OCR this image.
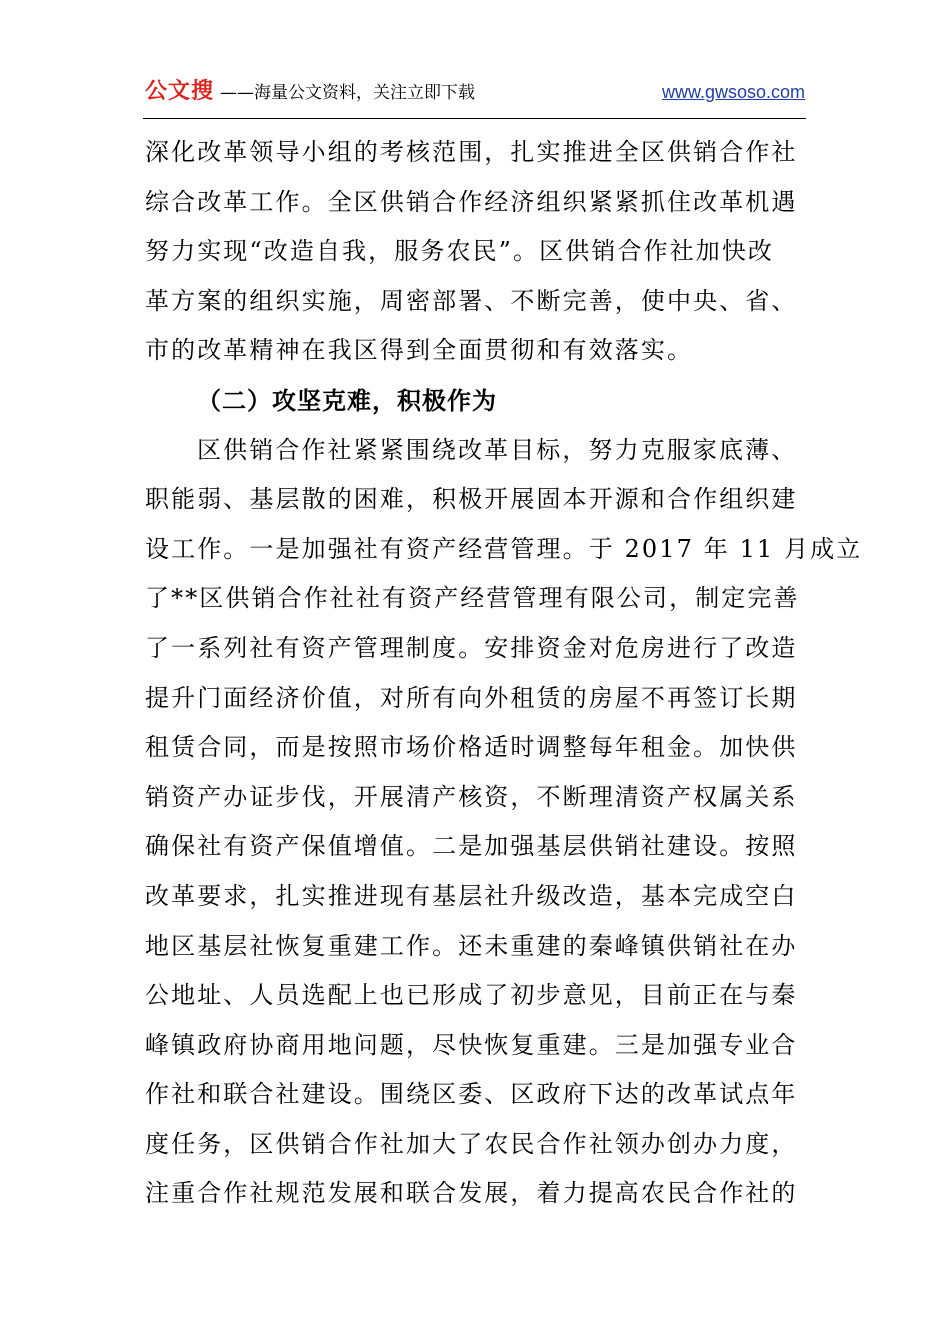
公文搜 ——海量公文资料，关注立即下载	www.gwsoso.com
深化改革领导小组的考核范围，扎实推进全区供销合作社
综合改革工作。全区供销合作经济组织紧紧抓住改革机遇
努力实现“改造自我，服务农民”。区供销合作社加快改
革方案的组织实施，周密部署、不断完善，使中央、省、
市的改革精神在我区得到全面贯彻和有效落实。
（二）攻坚克难，积极作为
区供销合作社紧紧围绕改革目标，努力克服家底薄、
职能弱、基层散的困难，积极开展固本开源和合作组织建
设工作。一是加强社有资产经营管理。于 2017 年 11 月成立
了**区供销合作社社有资产经营管理有限公司，制定完善
了一系列社有资产管理制度。安排资金对危房进行了改造
提升门面经济价值，对所有向外租赁的房屋不再签订长期
租赁合同，而是按照市场价格适时调整每年租金。加快供
销资产办证步伐，开展清产核资，不断理清资产权属关系
确保社有资产保值增值。二是加强基层供销社建设。按照
改革要求，扎实推进现有基层社升级改造，基本完成空白
地区基层社恢复重建工作。还未重建的秦峰镇供销社在办
公地址、人员选配上也已形成了初步意见，目前正在与秦
峰镇政府协商用地问题，尽快恢复重建。三是加强专业合
作社和联合社建设。围绕区委、区政府下达的改革试点年
度任务，区供销合作社加大了农民合作社领办创办力度，
注重合作社规范发展和联合发展，着力提高农民合作社的
